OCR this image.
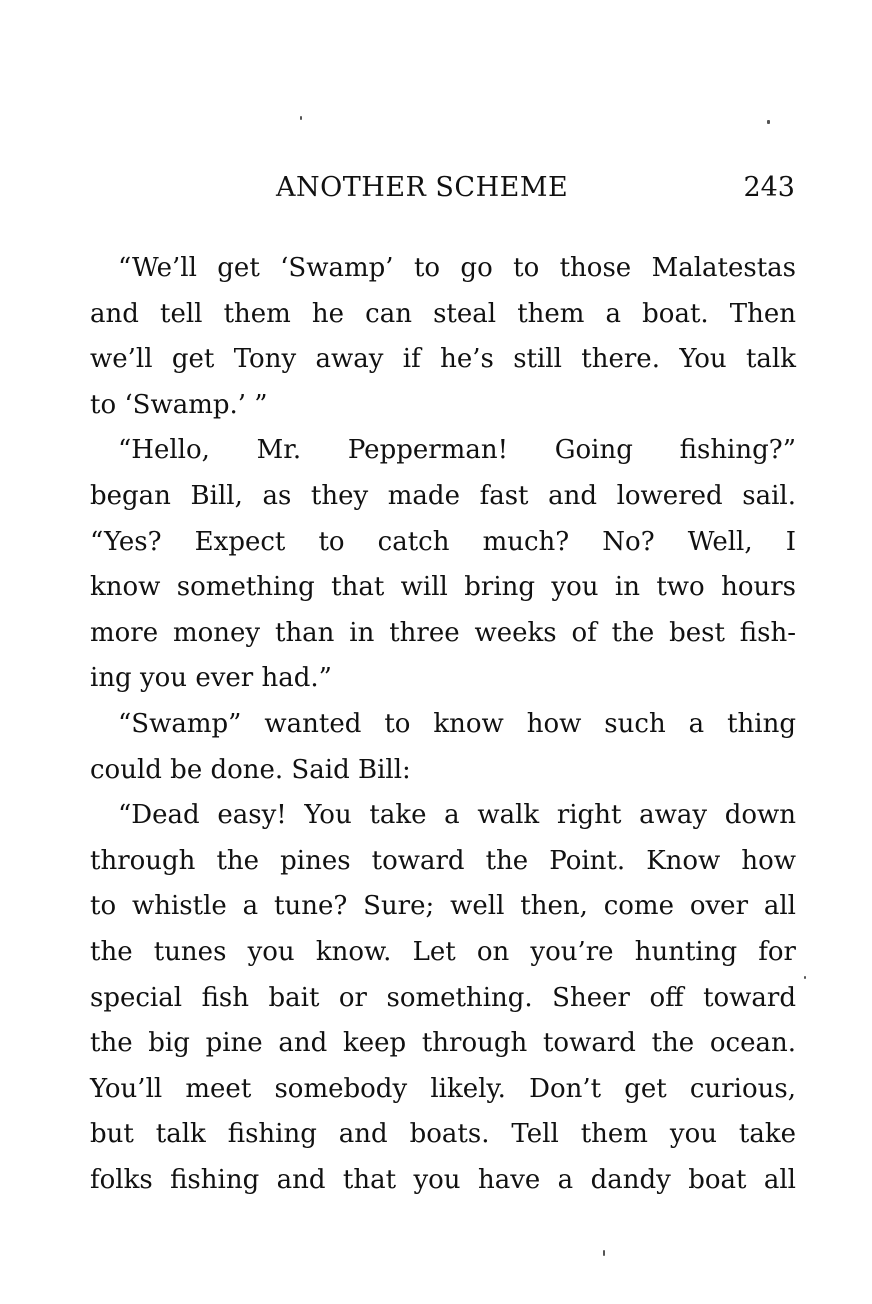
ANOTHER SCHEME	243
“We’ll get ‘Swamp’ to go to those Malatestas
and tell them he can steal them a boat. Then
we’ll get Tony away if he’s still there. You talk
to ‘Swamp.’ ”
“Hello, Mr. Pepperman! Going fishing?”
began Bill, as they made fast and lowered sail.
“Yes? Expect to catch much? No? Well, I
know something that will bring you in two hours
more money than in three weeks of the best fish-
ing you ever had.”
“Swamp” wanted to know how such a thing
could be done. Said Bill:
“Dead easy! You take a walk right away down
through the pines toward the Point. Know how
to whistle a tune? Sure; well then, come over all
the tunes you know. Let on you’re hunting for
special fish bait or something. Sheer off toward
the big pine and keep through toward the ocean.
You’ll meet somebody likely. Don’t get curious,
but talk fishing and boats. Tell them you take
folks fishing and that you have a dandy boat all
